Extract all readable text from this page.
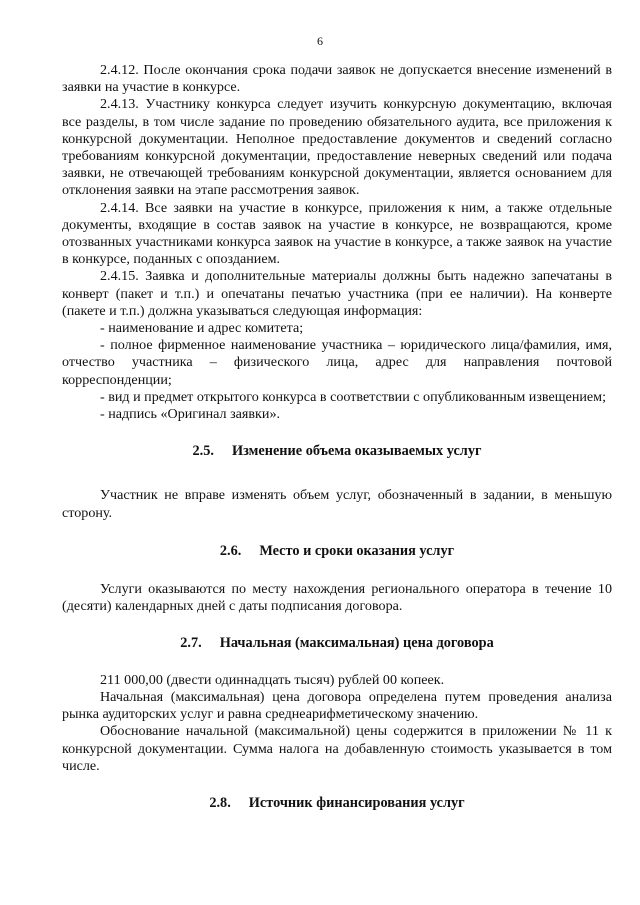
6

2.4.12. После окончания срока подачи заявок не допускается внесение изменений в заявки на участие в конкурсе.

2.4.13. Участнику конкурса следует изучить конкурсную документацию, включая все разделы, в том числе задание по проведению обязательного аудита, все приложения к конкурсной документации. Неполное предоставление документов и сведений согласно требованиям конкурсной документации, предоставление неверных сведений или подача заявки, не отвечающей требованиям конкурсной документации, является основанием для отклонения заявки на этапе рассмотрения заявок.

2.4.14. Все заявки на участие в конкурсе, приложения к ним, а также отдельные документы, входящие в состав заявок на участие в конкурсе, не возвращаются, кроме отозванных участниками конкурса заявок на участие в конкурсе, а также заявок на участие в конкурсе, поданных с опозданием.

2.4.15. Заявка и дополнительные материалы должны быть надежно запечатаны в конверт (пакет и т.п.) и опечатаны печатью участника (при ее наличии). На конверте (пакете и т.п.) должна указываться следующая информация:

- наименование и адрес комитета;

- полное фирменное наименование участника – юридического лица/фамилия, имя, отчество участника – физического лица, адрес для направления почтовой корреспонденции;

- вид и предмет открытого конкурса в соответствии с опубликованным извещением;

- надпись «Оригинал заявки».

2.5. Изменение объема оказываемых услуг

Участник не вправе изменять объем услуг, обозначенный в задании, в меньшую сторону.

2.6. Место и сроки оказания услуг

Услуги оказываются по месту нахождения регионального оператора в течение 10 (десяти) календарных дней с даты подписания договора.

2.7. Начальная (максимальная) цена договора

211 000,00 (двести одиннадцать тысяч) рублей 00 копеек.

Начальная (максимальная) цена договора определена путем проведения анализа рынка аудиторских услуг и равна среднеарифметическому значению.

Обоснование начальной (максимальной) цены содержится в приложении № 11 к конкурсной документации. Сумма налога на добавленную стоимость указывается в том числе.

2.8. Источник финансирования услуг
